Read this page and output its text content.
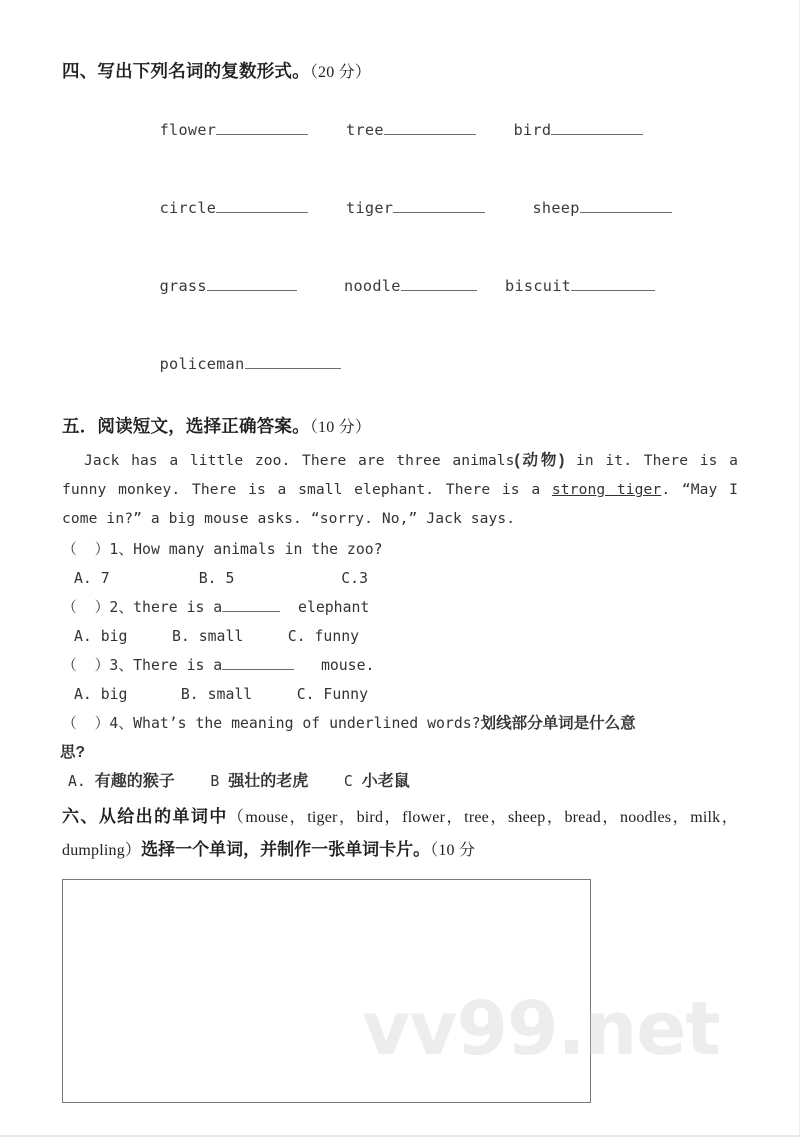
四、写出下列名词的复数形式。（20 分）

flower	tree	bird

circle	tiger	sheep

grass	noodle	biscuit

policeman

五．阅读短文，选择正确答案。（10 分）

Jack has a little zoo. There are three animals(动物) in it. There is a funny monkey. There is a small elephant. There is a strong tiger. “May I come in?” a big mouse asks. “sorry. No,” Jack says.

（  ）1、How many animals in the zoo?

A. 7          B. 5            C.3

（  ）2、there is a	elephant

A. big     B. small     C. funny

（  ）3、There is a	mouse.

A. big      B. small     C. Funny

（  ）4、What’s the meaning of underlined words?划线部分单词是什么意

思?

A. 有趣的猴子 B 强壮的老虎 C 小老鼠

六、从给出的单词中（mouse，tiger，bird，flower，tree，sheep，bread，noodles，milk，dumpling）选择一个单词，并制作一张单词卡片。（10 分

vv99.net
